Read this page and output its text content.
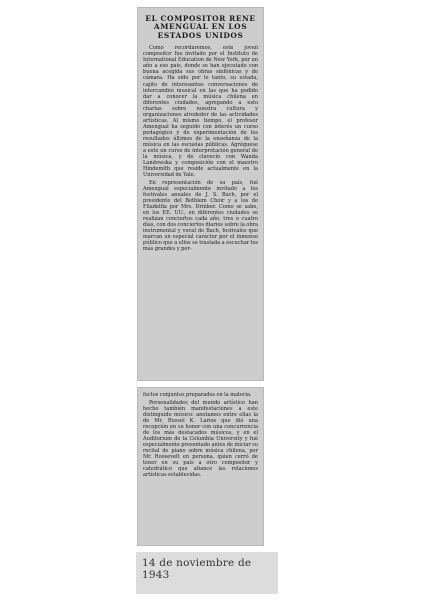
EL COMPOSITOR RENE AMENGUAL EN LOS ESTADOS UNIDOS

Como recordaremos, este joven compositor fue invitado por el Instituto de International Education de New York, por un año a ese país, donde se han ejecutado con buena acogida sus obras sinfónicas y de cámara. Ha sido por lo tanto, su estada, cajito de interesantes conversaciones de intercambio musical en las que ha podido dar a conocer la música chilena en diferentes ciudades, agregando a esto charlas sobre nuestra cultura y organizaciones alrededor de las actividades artísticas. Al mismo tiempo, el profesor Amengual ha seguido con interés un curso pedagógico y de experimentación de los resultados últimos de la enseñanza de la música en las escuelas públicas. Agréguese a esto un curso de interpretación general de la música, y de clavecín con Wanda Landowska y composición con el maestro Hindemith que reside actualmente en la Universidad de Yale.

En representación de su país, fué Amengual especialmente invitado a los festivales anuales de J. S. Bach, por el presidente del Bethlem Choir y a los de Filadelfia por Mrs. Drinker. Como se sabe, en los EE. UU., en diferentes ciudades se realizan conciertos cada año, tres o cuatro días, con dos conciertos diarios sobre la obra instrumental y vocal de Bach, festivales que marcan un especial carácter por el inmenso público que a ellos se traslada a escuchar los más grandes y per-

fectos conjuntos preparados en la materia.

Personalidades del mundo artístico han hecho también manifestaciones a este distinguido músico: anotamos entre ellas la de Mr. Russel K. Larios que dió una recepción en su honor con una concurrencia de los más destacados músicos, y en el Auditorium de la Columbia University y fué especialmente presentado antes de iniciar su recital de piano sobre música chilena, por Mr. Roosevelt en persona, quien cerró de tener en su país a otro compositor y catedrático que afiance las relaciones artísticas establecidas.

14 de noviembre de 1943
